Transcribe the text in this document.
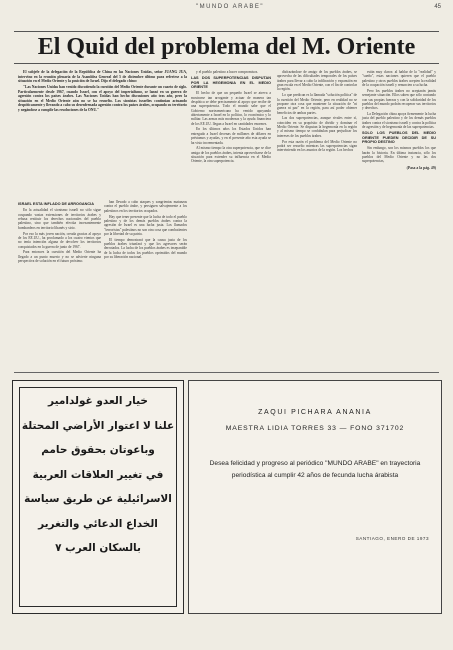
"MUNDO ARABE"	45
El Quid del problema del M. Oriente
El subjefe de la delegación de la República de China en las Naciones Unidas, señor JUANG JUA, intervino en la reunión plenaria de la Asamblea General del 5 de diciembre último para referirse a la situación en el Medio Oriente y la posición de Israel. Dijo el delegado chino:
"Las Naciones Unidas han venido discutiendo la cuestión del Medio Oriente durante un cuarto de siglo. Particularmente desde 1967, cuando Israel, con el apoyo del imperialismo, se lanzó en su guerra de agresión contra los países árabes. Las Naciones Unidas han hecho discusiones año tras año, pero la situación en el Medio Oriente aún no se ha resuelto. Los sionistas israelíes continúan actuando despóticamente y llevando a cabo su desenfrenada agresión contra los países árabes, ocupando su territorio y negándose a cumplir las resoluciones de la ONU."
ISRAEL ESTA INFLADO DE ARROGANCIA

En la actualidad el sionismo israelí no sólo sigue ocupando vastas extensiones de territorios árabes y rehusa restituir los derechos nacionales del pueblo palestino, sino que también efectúa incesantemente bombardeos en territorio libanés y sirio.

Por eso la más joven nación, creada gracias al apoyo de los EE.UU., ha proclamado a los cuatro vientos que no tenía intención alguna de devolver los territorios conquistados en la guerra de junio de 1967.

Para entonces la cuestión del Medio Oriente ha llegado a un punto muerto y no se advierte ninguna perspectiva de solución en el futuro próximo.

han llevado a cabo ataques y sangrientas matanzas contra el pueblo árabe, y persiguen salvajemente a los palestinos en los territorios ocupados.

Hay que tener presente que la lucha de todo el pueblo palestino y de los demás pueblos árabes contra la agresión de Israel es una lucha justa. Los llamados "terroristas" palestinos no son otra cosa que combatientes por la libertad de su patria.

El tiempo demostrará que la causa justa de los pueblos árabes triunfará y que los agresores serán derrotados. La lucha de los pueblos árabes es inseparable de la lucha de todos los pueblos oprimidos del mundo por su liberación nacional.

y el pueblo palestino a hacer compromisos.

LAS DOS SUPERPOTENCIAS DISPUTAN POR LA HEGEMONIA EN EL MEDIO ORIENTE

El hecho de que un pequeño Israel se atreva a mostrarse tan arrogante y actuar de manera tan despótica se debe precisamente al apoyo que recibe de una superpotencia. Todo el mundo sabe que el Gobierno norteamericano ha venido apoyando abiertamente a Israel en lo político, lo económico y lo militar. Las armas más modernas y la ayuda financiera de los EE.UU. llegan a Israel en cantidades enormes.

En los últimos años los Estados Unidos han entregado a Israel decenas de millones de dólares en préstamos y ayudas, y en el presente año esta ayuda se ha visto incrementada.

Al mismo tiempo la otra superpotencia, que se dice amiga de los pueblos árabes, intenta aprovecharse de la situación para extender su influencia en el Medio Oriente, la otra superpotencia.

disfrazándose de amigo de los pueblos árabes, se aprovecha de las dificultades temporales de los países árabes para llevar a cabo la infiltración y expansión en gran escala en el Medio Oriente, con el fin de controlar la región.

Lo que predican es la llamada "solución política" de la cuestión del Medio Oriente, pero en realidad no se propone otra cosa que mantener la situación de "ni guerra ni paz" en la región, para así poder obtener beneficios de ambas partes.

Las dos superpotencias, aunque rivales entre sí, coinciden en su propósito de dividir y dominar el Medio Oriente. Se disputan la hegemonía en la región y al mismo tiempo se confabulan para perjudicar los intereses de los pueblos árabes.

Por esta razón el problema del Medio Oriente no podrá ser resuelto mientras las superpotencias sigan interviniendo en los asuntos de la región. Los hechos

están muy claros: al hablar de la "realidad" y "sueño", estas naciones quieren que el pueblo palestino y otros pueblos árabes acepten la realidad de la ocupación israelí y renuncien a su lucha.

Pero los pueblos árabes no aceptarán jamás semejante situación. Ellos saben que sólo contando con sus propias fuerzas y con la solidaridad de los pueblos del mundo podrán recuperar sus territorios y derechos.

La Delegación china apoya firmemente la lucha justa del pueblo palestino y de los demás pueblos árabes contra el sionismo israelí y contra la política de agresión y de hegemonía de las superpotencias.

SOLO LOS PUEBLOS DEL MEDIO ORIENTE PUEDEN DECIDIR DE SU PROPIO DESTINO

Sin embargo, son los mismos pueblos los que harán la historia. En última instancia, sólo los pueblos del Medio Oriente y no las dos superpotencias,

(Pasa a la pág. 49)
خيار العدو غولدامير
علنا لا اعتوار الأراضي المحتلة
وباعوتان بحقوق حامم
في تغيير العلاقات العربية
الاسرائيلية عن طريق سياسة
الخداع الدعائي والتغرير
بالسكان العرب ٧
ZAQUI PICHARA ANANIA
MAESTRA LIDIA TORRES 33 — FONO 371702
Desea felicidad y progreso al periódico "MUNDO ARABE" en trayectoria periodística al cumplir 42 años de fecunda lucha árabista
SANTIAGO, ENERO DE 1973
